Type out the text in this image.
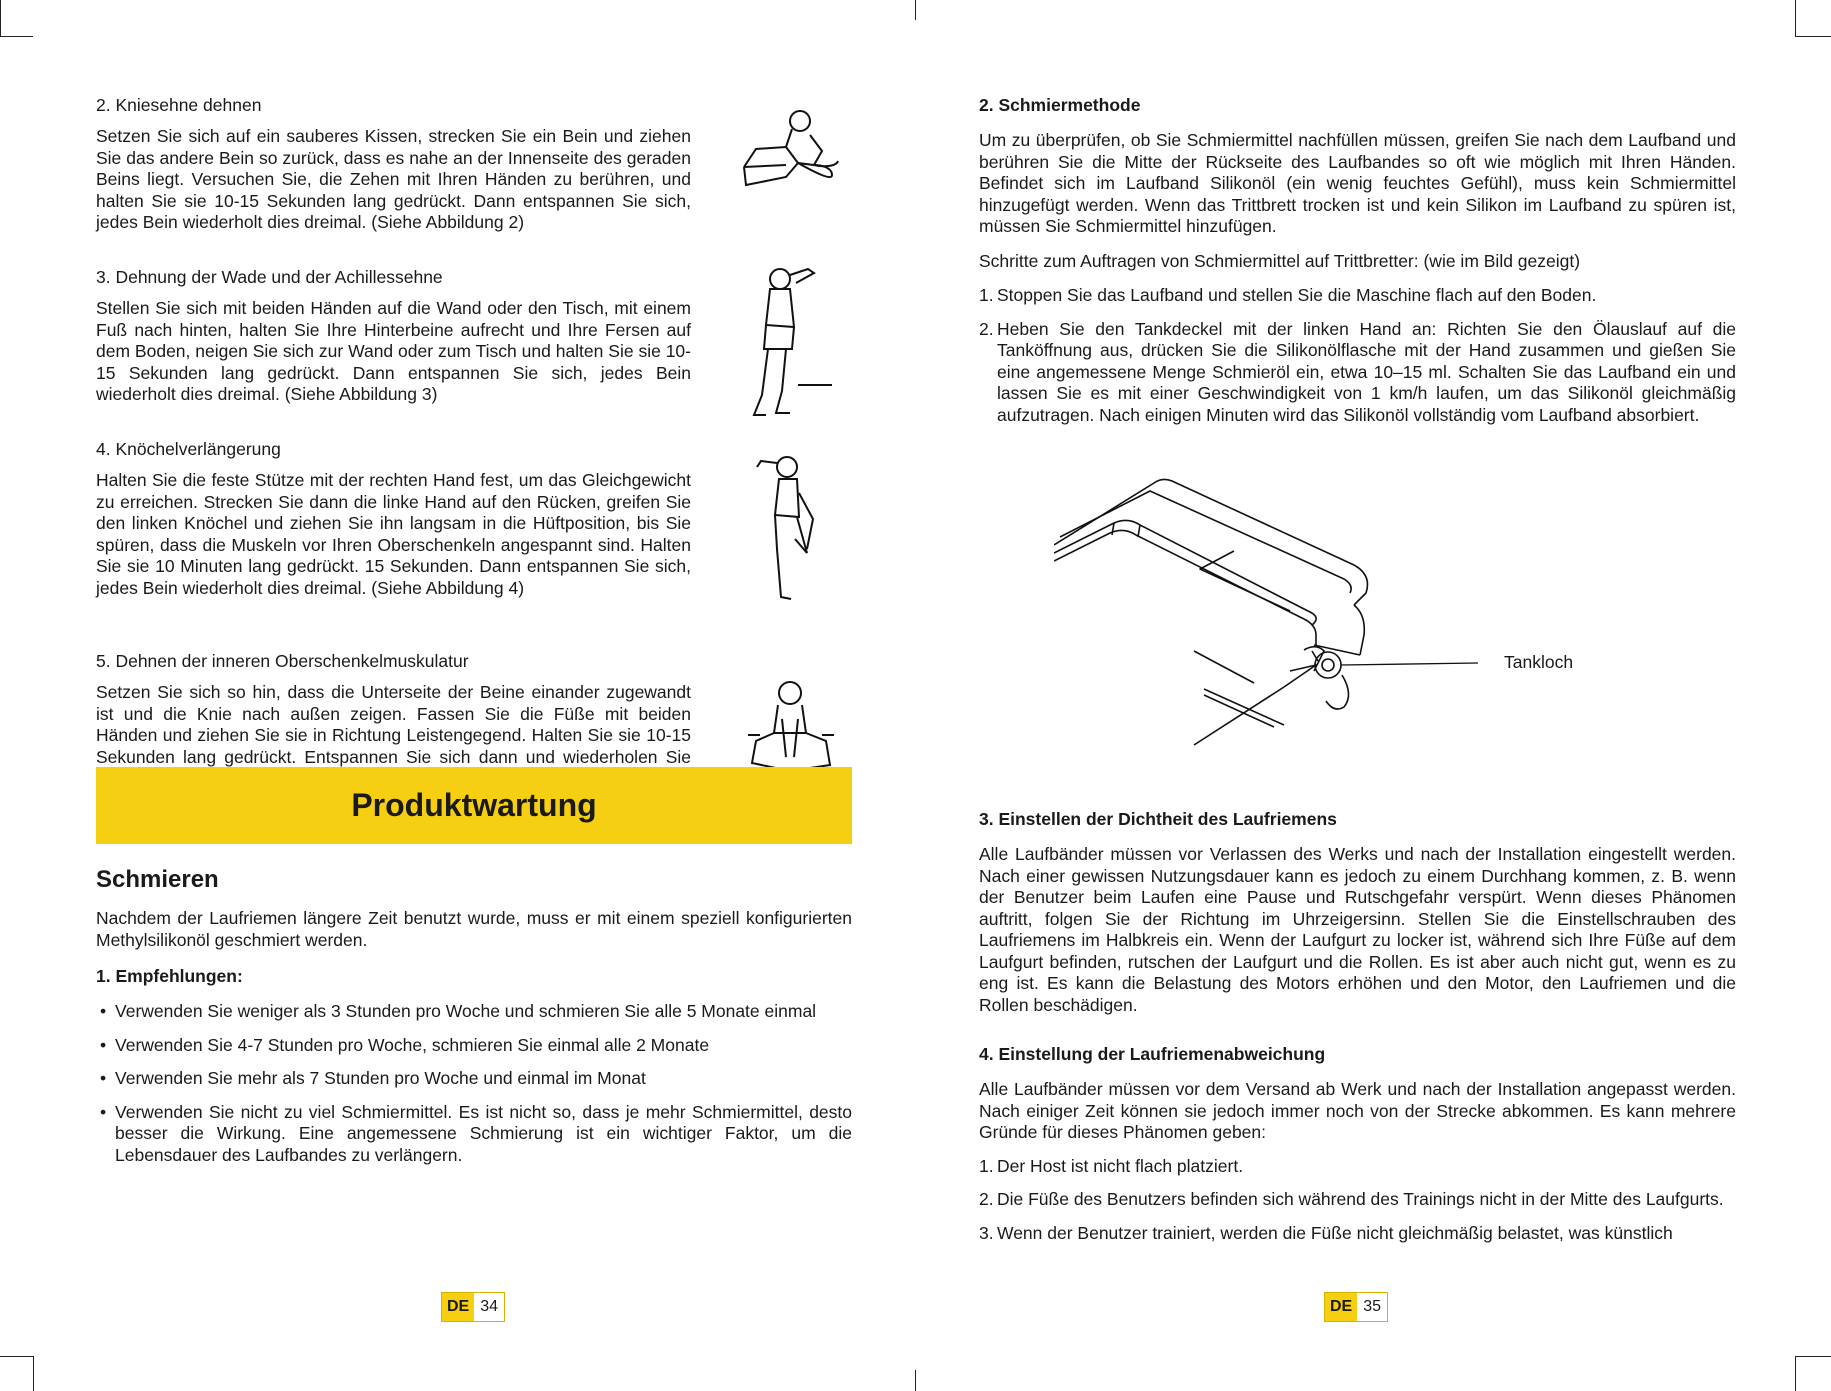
2. Kniesehne dehnen

Setzen Sie sich auf ein sauberes Kissen, strecken Sie ein Bein und ziehen Sie das andere Bein so zurück, dass es nahe an der Innenseite des geraden Beins liegt. Versuchen Sie, die Zehen mit Ihren Händen zu berühren, und halten Sie sie 10-15 Sekunden lang gedrückt. Dann entspannen Sie sich, jedes Bein wiederholt dies dreimal. (Siehe Abbildung 2)

3. Dehnung der Wade und der Achillessehne

Stellen Sie sich mit beiden Händen auf die Wand oder den Tisch, mit einem Fuß nach hinten, halten Sie Ihre Hinterbeine aufrecht und Ihre Fersen auf dem Boden, neigen Sie sich zur Wand oder zum Tisch und halten Sie sie 10-15 Sekunden lang gedrückt. Dann entspannen Sie sich, jedes Bein wiederholt dies dreimal. (Siehe Abbildung 3)

4. Knöchelverlängerung

Halten Sie die feste Stütze mit der rechten Hand fest, um das Gleichgewicht zu erreichen. Strecken Sie dann die linke Hand auf den Rücken, greifen Sie den linken Knöchel und ziehen Sie ihn langsam in die Hüftposition, bis Sie spüren, dass die Muskeln vor Ihren Oberschenkeln angespannt sind. Halten Sie sie 10 Minuten lang gedrückt. 15 Sekunden. Dann entspannen Sie sich, jedes Bein wiederholt dies dreimal. (Siehe Abbildung 4)

5. Dehnen der inneren Oberschenkelmuskulatur

Setzen Sie sich so hin, dass die Unterseite der Beine einander zugewandt ist und die Knie nach außen zeigen. Fassen Sie die Füße mit beiden Händen und ziehen Sie sie in Richtung Leistengegend. Halten Sie sie 10-15 Sekunden lang gedrückt. Entspannen Sie sich dann und wiederholen Sie

Produktwartung
Schmieren

Nachdem der Laufriemen längere Zeit benutzt wurde, muss er mit einem speziell konfigurierten Methylsilikonöl geschmiert werden.

1. Empfehlungen:
• Verwenden Sie weniger als 3 Stunden pro Woche und schmieren Sie alle 5 Monate einmal
• Verwenden Sie 4-7 Stunden pro Woche, schmieren Sie einmal alle 2 Monate
• Verwenden Sie mehr als 7 Stunden pro Woche und einmal im Monat
• Verwenden Sie nicht zu viel Schmiermittel. Es ist nicht so, dass je mehr Schmiermittel, desto besser die Wirkung. Eine angemessene Schmierung ist ein wichtiger Faktor, um die Lebensdauer des Laufbandes zu verlängern.
DE 34
2. Schmiermethode

Um zu überprüfen, ob Sie Schmiermittel nachfüllen müssen, greifen Sie nach dem Laufband und berühren Sie die Mitte der Rückseite des Laufbandes so oft wie möglich mit Ihren Händen. Befindet sich im Laufband Silikonöl (ein wenig feuchtes Gefühl), muss kein Schmiermittel hinzugefügt werden. Wenn das Trittbrett trocken ist und kein Silikon im Laufband zu spüren ist, müssen Sie Schmiermittel hinzufügen.

Schritte zum Auftragen von Schmiermittel auf Trittbretter: (wie im Bild gezeigt)

1. Stoppen Sie das Laufband und stellen Sie die Maschine flach auf den Boden.
2. Heben Sie den Tankdeckel mit der linken Hand an: Richten Sie den Ölauslauf auf die Tanköffnung aus, drücken Sie die Silikonölflasche mit der Hand zusammen und gießen Sie eine angemessene Menge Schmieröl ein, etwa 10–15 ml. Schalten Sie das Laufband ein und lassen Sie es mit einer Geschwindigkeit von 1 km/h laufen, um das Silikonöl gleichmäßig aufzutragen. Nach einigen Minuten wird das Silikonöl vollständig vom Laufband absorbiert.
Tankloch
3. Einstellen der Dichtheit des Laufriemens

Alle Laufbänder müssen vor Verlassen des Werks und nach der Installation eingestellt werden. Nach einer gewissen Nutzungsdauer kann es jedoch zu einem Durchhang kommen, z. B. wenn der Benutzer beim Laufen eine Pause und Rutschgefahr verspürt. Wenn dieses Phänomen auftritt, folgen Sie der Richtung im Uhrzeigersinn. Stellen Sie die Einstellschrauben des Laufriemens im Halbkreis ein. Wenn der Laufgurt zu locker ist, während sich Ihre Füße auf dem Laufgurt befinden, rutschen der Laufgurt und die Rollen. Es ist aber auch nicht gut, wenn es zu eng ist. Es kann die Belastung des Motors erhöhen und den Motor, den Laufriemen und die Rollen beschädigen.

4. Einstellung der Laufriemenabweichung

Alle Laufbänder müssen vor dem Versand ab Werk und nach der Installation angepasst werden. Nach einiger Zeit können sie jedoch immer noch von der Strecke abkommen. Es kann mehrere Gründe für dieses Phänomen geben:

1. Der Host ist nicht flach platziert.
2. Die Füße des Benutzers befinden sich während des Trainings nicht in der Mitte des Laufgurts.
3. Wenn der Benutzer trainiert, werden die Füße nicht gleichmäßig belastet, was künstlich
DE 35
